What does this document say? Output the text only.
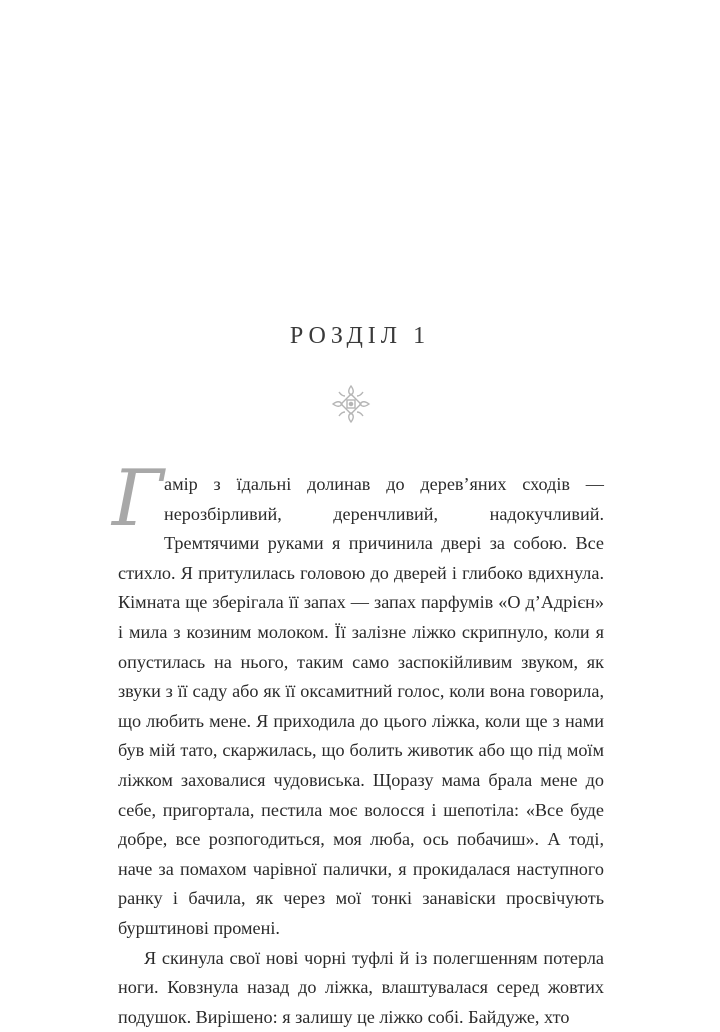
РОЗДІЛ 1

Гамір з їдальні долинав до дерев’яних сходів — нерозбірливий, деренчливий, надокучливий. Тремтячими руками я причинила двері за собою. Все стихло. Я притулилась головою до дверей і глибоко вдихнула. Кімната ще зберігала її запах — запах парфумів «О д’Адрієн» і мила з козиним молоком. Її залізне ліжко скрипнуло, коли я опустилась на нього, таким само заспокійливим звуком, як звуки з її саду або як її оксамитний голос, коли вона говорила, що любить мене. Я приходила до цього ліжка, коли ще з нами був мій тато, скаржилась, що болить животик або що під моїм ліжком заховалися чудовиська. Щоразу мама брала мене до себе, пригортала, пестила моє волосся і шепотіла: «Все буде добре, все розпогодиться, моя люба, ось побачиш». А тоді, наче за помахом чарівної палички, я прокидалася наступного ранку і бачила, як через мої тонкі занавіски просвічують бурштинові промені.

Я скинула свої нові чорні туфлі й із полегшенням потерла ноги. Ковзнула назад до ліжка, влаштувалася серед жовтих подушок. Вирішено: я залишу це ліжко собі. Байдуже, хто
